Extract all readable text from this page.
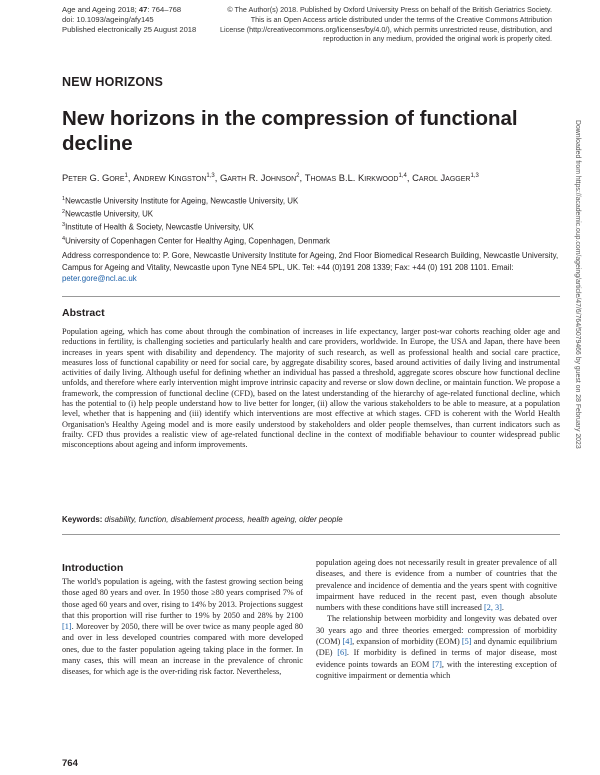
Age and Ageing 2018; 47: 764–768
doi: 10.1093/ageing/afy145
Published electronically 25 August 2018
© The Author(s) 2018. Published by Oxford University Press on behalf of the British Geriatrics Society.
This is an Open Access article distributed under the terms of the Creative Commons Attribution
License (http://creativecommons.org/licenses/by/4.0/), which permits unrestricted reuse, distribution, and
reproduction in any medium, provided the original work is properly cited.
NEW HORIZONS
New horizons in the compression of functional decline
Peter G. Gore$^1$, Andrew Kingston$^{1,3}$, Garth R. Johnson$^2$, Thomas B.L. Kirkwood$^{1,4}$, Carol Jagger$^{1,3}$
$^1$Newcastle University Institute for Ageing, Newcastle University, UK
$^2$Newcastle University, UK
$^3$Institute of Health & Society, Newcastle University, UK
$^4$University of Copenhagen Center for Healthy Aging, Copenhagen, Denmark
Address correspondence to: P. Gore, Newcastle University Institute for Ageing, 2nd Floor Biomedical Research Building, Newcastle University, Campus for Ageing and Vitality, Newcastle upon Tyne NE4 5PL, UK. Tel: +44 (0)191 208 1339; Fax: +44 (0) 191 208 1101. Email: peter.gore@ncl.ac.uk
Abstract
Population ageing, which has come about through the combination of increases in life expectancy, larger post-war cohorts reaching older age and reductions in fertility, is challenging societies and particularly health and care providers, worldwide. In Europe, the USA and Japan, there have been increases in years spent with disability and dependency. The majority of such research, as well as professional health and social care practice, measures loss of functional capability or need for social care, by aggregate disability scores, based around activities of daily living and instrumental activities of daily living. Although useful for defining whether an individual has passed a threshold, aggregate scores obscure how functional decline unfolds, and therefore where early intervention might improve intrinsic capacity and reverse or slow down decline, or maintain function. We propose a framework, the compression of functional decline (CFD), based on the latest understanding of the hierarchy of age-related functional decline, which has the potential to (i) help people understand how to live better for longer, (ii) allow the various stakeholders to be able to measure, at a population level, whether that is happening and (iii) identify which interventions are most effective at which stages. CFD is coherent with the World Health Organisation's Healthy Ageing model and is more easily understood by stakeholders and older people themselves, than current indicators such as frailty. CFD thus provides a realistic view of age-related functional decline in the context of modifiable behaviour to counter widespread public misconceptions about ageing and inform improvements.
Keywords: disability, function, disablement process, health ageing, older people
Introduction

The world's population is ageing, with the fastest growing section being those aged 80 years and over. In 1950 those ≥80 years comprised 7% of those aged 60 years and over, rising to 14% by 2013. Projections suggest that this proportion will rise further to 19% by 2050 and 28% by 2100 [1]. Moreover by 2050, there will be over twice as many people aged 80 and over in less developed countries compared with more developed ones, due to the faster population ageing taking place in the former. In many cases, this will mean an increase in the prevalence of chronic diseases, for which age is the over-riding risk factor. Nevertheless,

population ageing does not necessarily result in greater prevalence of all diseases, and there is evidence from a number of countries that the prevalence and incidence of dementia and the years spent with cognitive impairment have reduced in the recent past, even though absolute numbers with these conditions have still increased [2, 3].

The relationship between morbidity and longevity was debated over 30 years ago and three theories emerged: compression of morbidity (COM) [4], expansion of morbidity (EOM) [5] and dynamic equilibrium (DE) [6]. If morbidity is defined in terms of major disease, most evidence points towards an EOM [7], with the interesting exception of cognitive impairment or dementia which

764
Downloaded from https://academic.oup.com/ageing/article/47/6/764/5079466 by guest on 28 February 2023
